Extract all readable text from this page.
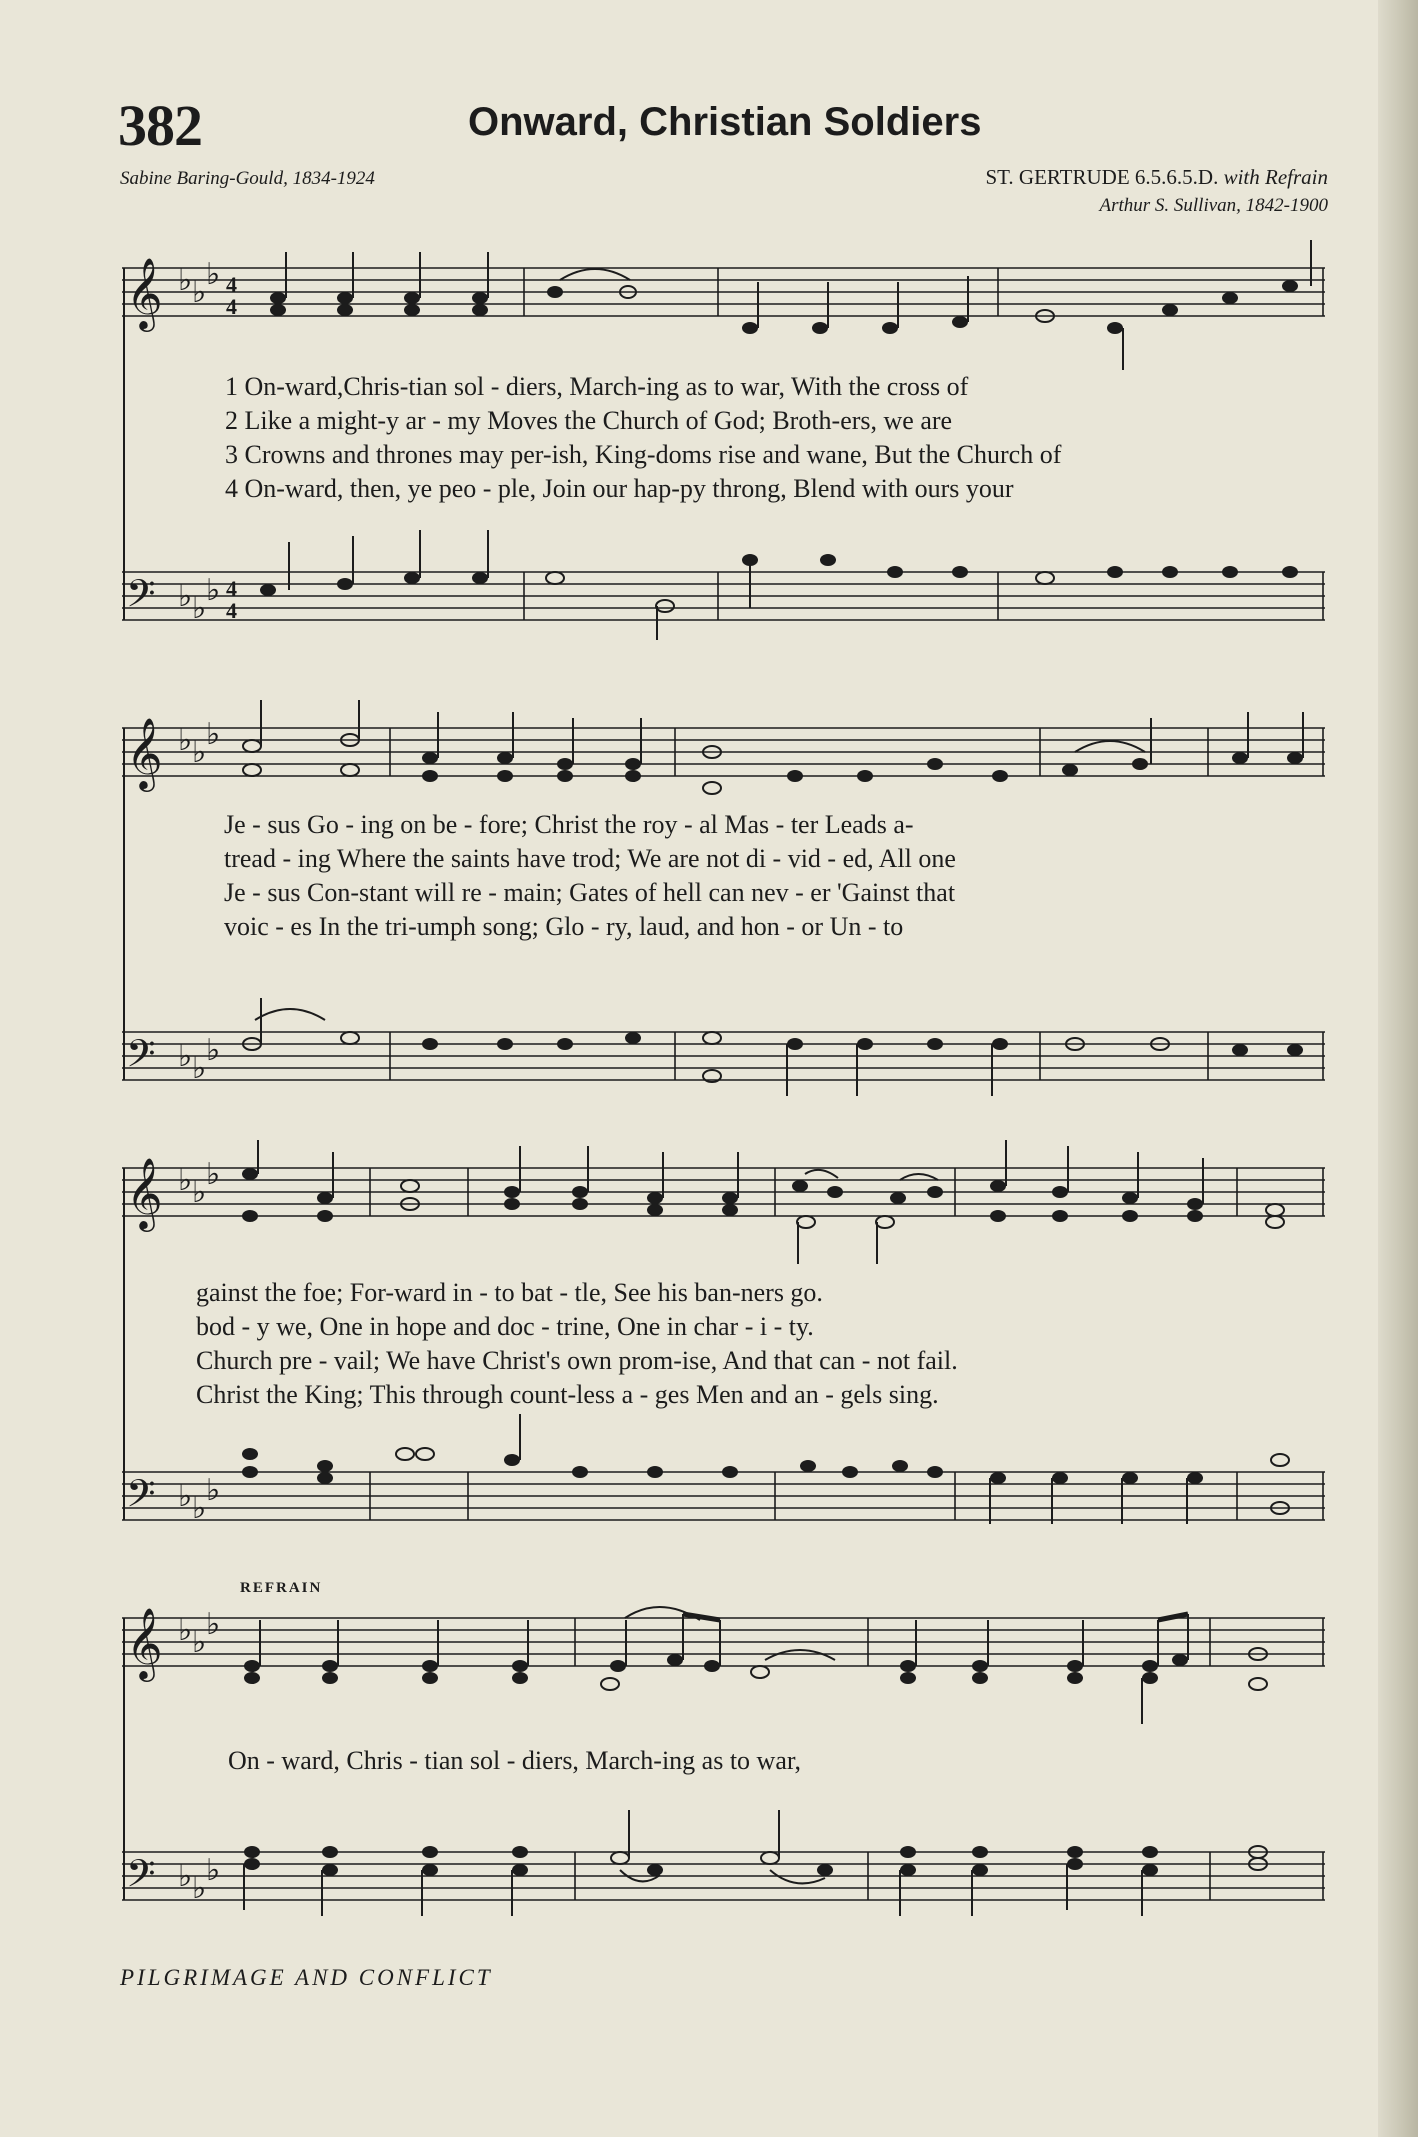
382	Onward, Christian Soldiers
Sabine Baring-Gould, 1834-1924	ST. GERTRUDE 6.5.6.5.D. with Refrain
Arthur S. Sullivan, 1842-1900
𝄞 ♭ ♭
♭ 4
4
𝄢 ♭ ♭
♭ 4
4
1 On-ward,Chris-tian sol - diers, March-ing as to war, With the cross of
2 Like a might-y ar - my Moves the Church of God; Broth-ers, we are
3 Crowns and thrones may per-ish, King-doms rise and wane, But the Church of
4 On-ward, then, ye peo - ple, Join our hap-py throng, Blend with ours your
𝄞 ♭ ♭
♭
𝄢 ♭ ♭
♭
Je - sus Go - ing on be - fore; Christ the roy - al Mas - ter Leads a-
tread - ing Where the saints have trod; We are not di - vid - ed, All one
Je - sus Con-stant will re - main; Gates of hell can nev - er 'Gainst that
voic - es In the tri-umph song; Glo - ry, laud, and hon - or Un - to
𝄞 ♭ ♭
♭
𝄢 ♭ ♭
♭
gainst the foe; For-ward in - to bat - tle, See his ban-ners go.
bod - y we, One in hope and doc - trine, One in char - i - ty.
Church pre - vail; We have Christ's own prom-ise, And that can - not fail.
Christ the King; This through count-less a - ges Men and an - gels sing.
REFRAIN
𝄞 ♭ ♭
♭
𝄢 ♭ ♭
♭
On - ward, Chris - tian sol - diers, March-ing as to war,
PILGRIMAGE AND CONFLICT
